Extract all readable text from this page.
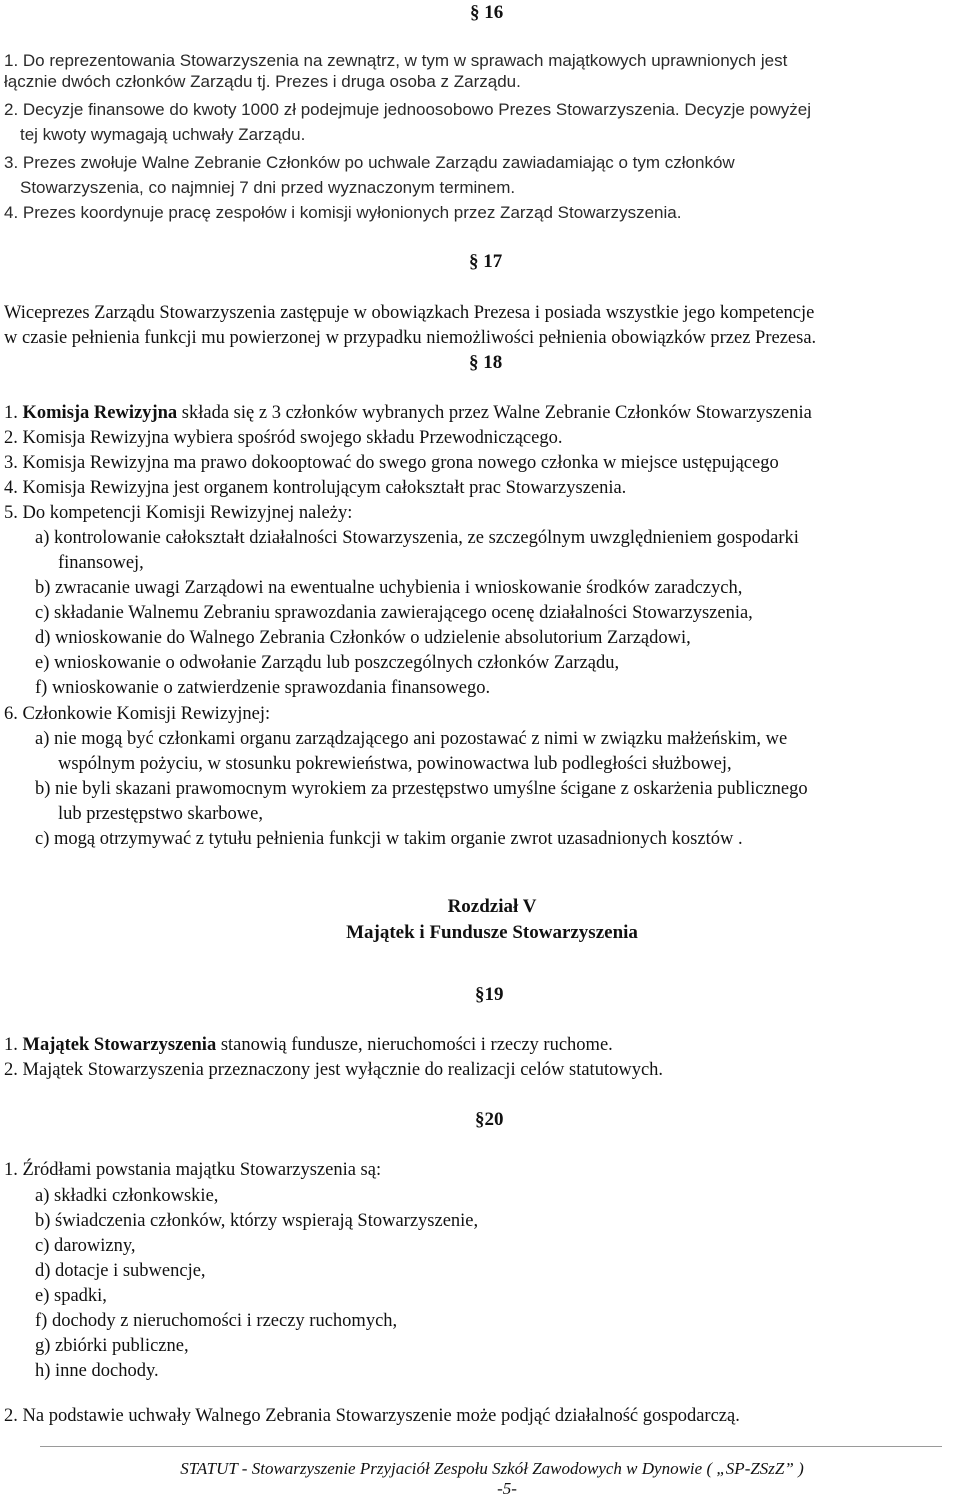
§ 16
1. Do reprezentowania Stowarzyszenia na zewnątrz, w tym w sprawach majątkowych uprawnionych jest
łącznie dwóch członków Zarządu tj. Prezes i druga osoba z Zarządu.
2. Decyzje finansowe do kwoty 1000 zł podejmuje jednoosobowo Prezes Stowarzyszenia. Decyzje powyżej
tej kwoty wymagają uchwały Zarządu.
3. Prezes zwołuje Walne Zebranie Członków po uchwale Zarządu zawiadamiając o tym członków
Stowarzyszenia, co najmniej 7 dni przed wyznaczonym terminem.
4. Prezes koordynuje pracę zespołów i komisji wyłonionych przez Zarząd Stowarzyszenia.
§ 17
Wiceprezes Zarządu Stowarzyszenia zastępuje w obowiązkach Prezesa i posiada wszystkie jego kompetencje
w czasie pełnienia funkcji mu powierzonej w przypadku niemożliwości pełnienia obowiązków przez Prezesa.
§ 18
1. Komisja Rewizyjna składa się z 3 członków wybranych przez Walne Zebranie Członków Stowarzyszenia
2. Komisja Rewizyjna wybiera spośród swojego składu Przewodniczącego.
3. Komisja Rewizyjna ma prawo dokooptować do swego grona nowego członka w miejsce ustępującego
4. Komisja Rewizyjna jest organem kontrolującym całokształt prac Stowarzyszenia.
5. Do kompetencji Komisji Rewizyjnej należy:
a) kontrolowanie całokształt działalności Stowarzyszenia, ze szczególnym uwzględnieniem gospodarki
finansowej,
b) zwracanie uwagi Zarządowi na ewentualne uchybienia i wnioskowanie środków zaradczych,
c) składanie Walnemu Zebraniu sprawozdania zawierającego ocenę działalności Stowarzyszenia,
d) wnioskowanie do Walnego Zebrania Członków o udzielenie absolutorium Zarządowi,
e) wnioskowanie o odwołanie Zarządu lub poszczególnych członków Zarządu,
f) wnioskowanie o zatwierdzenie sprawozdania finansowego.
6. Członkowie Komisji Rewizyjnej:
a) nie mogą być członkami organu zarządzającego ani pozostawać z nimi w związku małżeńskim, we
wspólnym pożyciu, w stosunku pokrewieństwa, powinowactwa lub podległości służbowej,
b) nie byli skazani prawomocnym wyrokiem za przestępstwo umyślne ścigane z oskarżenia publicznego
lub przestępstwo skarbowe,
c) mogą otrzymywać z tytułu pełnienia funkcji w takim organie zwrot uzasadnionych kosztów .
Rozdział V
Majątek i Fundusze Stowarzyszenia
§19
1. Majątek Stowarzyszenia stanowią fundusze, nieruchomości i rzeczy ruchome.
2. Majątek Stowarzyszenia przeznaczony jest wyłącznie do realizacji celów statutowych.
§20
1. Źródłami powstania majątku Stowarzyszenia są:
a) składki członkowskie,
b) świadczenia członków, którzy wspierają Stowarzyszenie,
c) darowizny,
d) dotacje i subwencje,
e) spadki,
f) dochody z nieruchomości i rzeczy ruchomych,
g) zbiórki publiczne,
h) inne dochody.
2. Na podstawie uchwały Walnego Zebrania Stowarzyszenie może podjąć działalność gospodarczą.
STATUT - Stowarzyszenie Przyjaciół Zespołu Szkół Zawodowych w Dynowie ( „SP-ZSzZ” )
-5-
